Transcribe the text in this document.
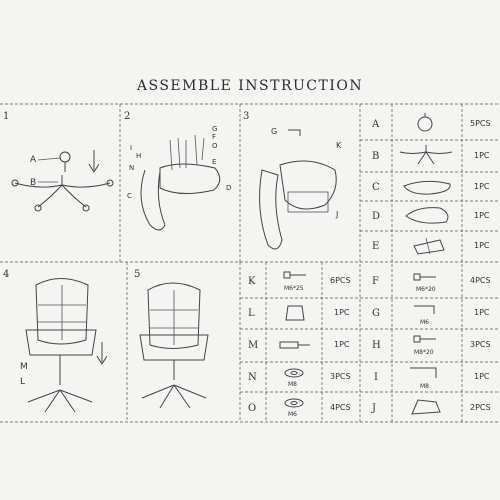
ASSEMBLE INSTRUCTION
1
A
B
2
I
H
N
C
G
F
O
E
D
3
G
K
J
4
M
L
5
A	5PCS
B	1PC
C	1PC
D	1PC
E	1PC
F	4PCS
M6*20
G	1PC
M6
H	3PCS
M8*20
I	1PC
M8
J	2PCS
K	6PCS
M6*25
L	1PC
M	1PC
N	3PCS
M8
O	4PCS
M6
